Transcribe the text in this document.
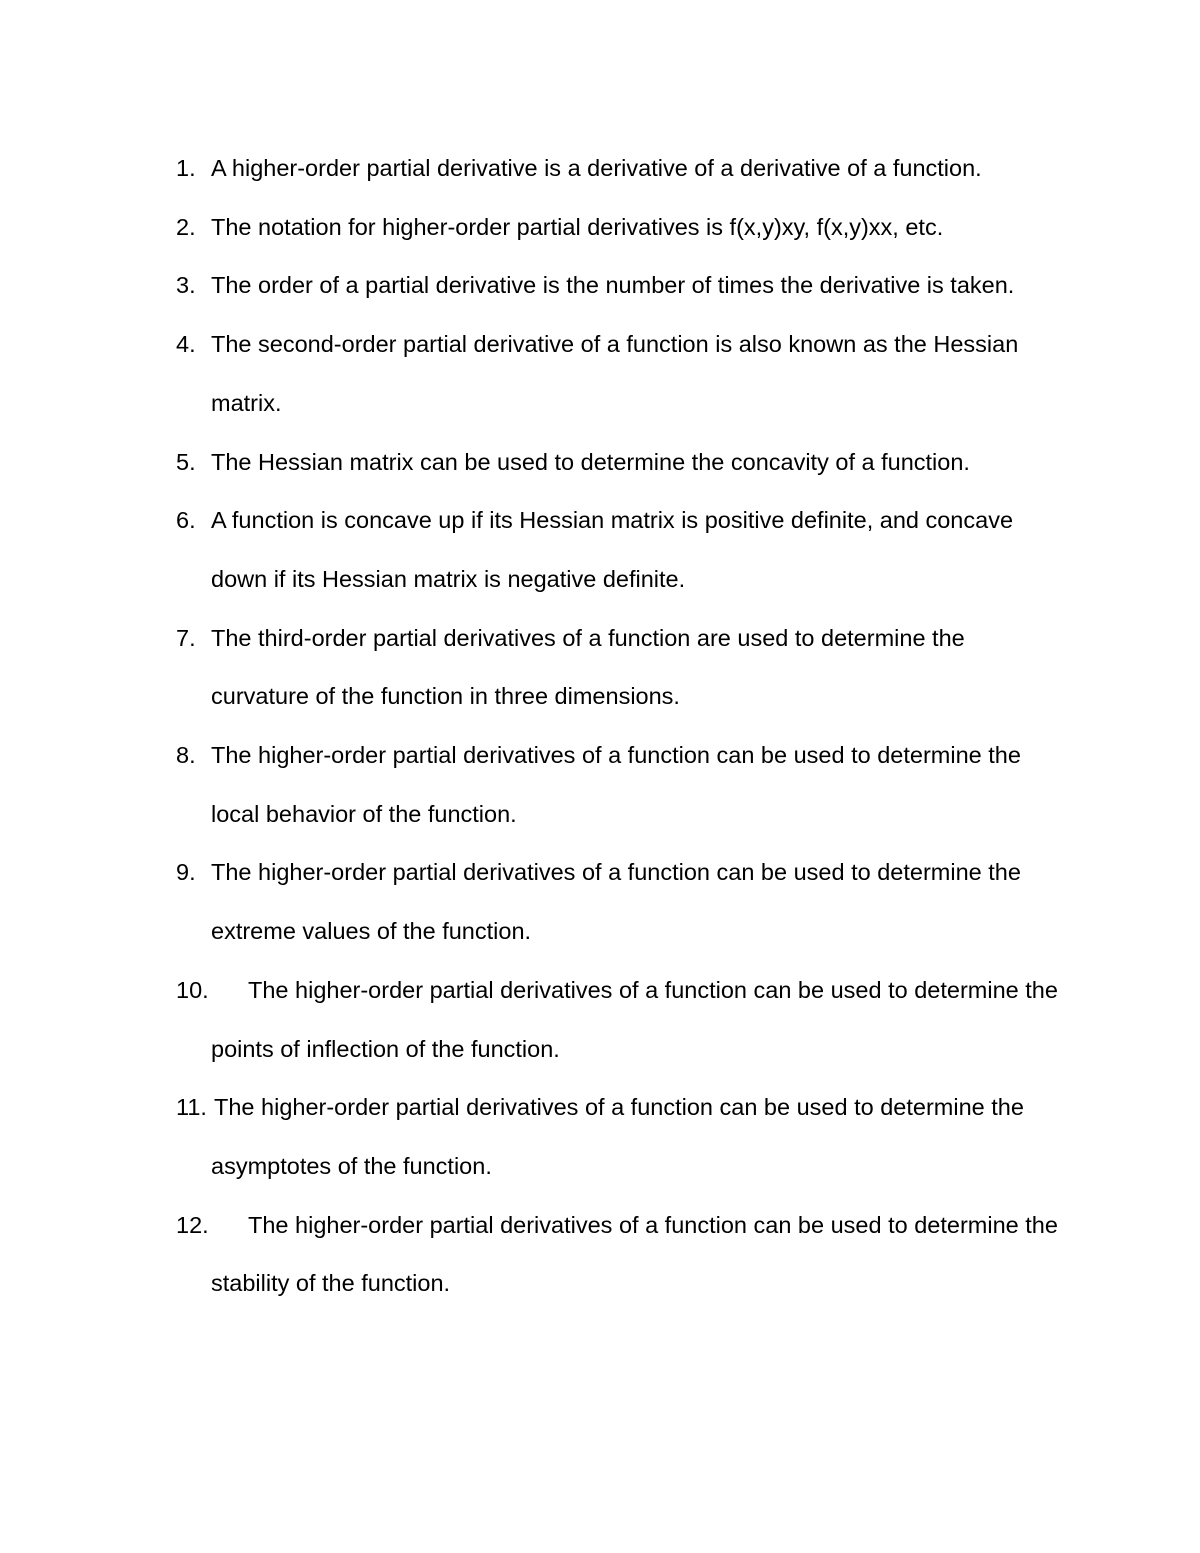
1. A higher-order partial derivative is a derivative of a derivative of a function.
2. The notation for higher-order partial derivatives is f(x,y)xy, f(x,y)xx, etc.
3. The order of a partial derivative is the number of times the derivative is taken.
4. The second-order partial derivative of a function is also known as the Hessian matrix.
5. The Hessian matrix can be used to determine the concavity of a function.
6. A function is concave up if its Hessian matrix is positive definite, and concave down if its Hessian matrix is negative definite.
7. The third-order partial derivatives of a function are used to determine the curvature of the function in three dimensions.
8. The higher-order partial derivatives of a function can be used to determine the local behavior of the function.
9. The higher-order partial derivatives of a function can be used to determine the extreme values of the function.
10.	The higher-order partial derivatives of a function can be used to determine the points of inflection of the function.
11. The higher-order partial derivatives of a function can be used to determine the asymptotes of the function.
12.	The higher-order partial derivatives of a function can be used to determine the stability of the function.
